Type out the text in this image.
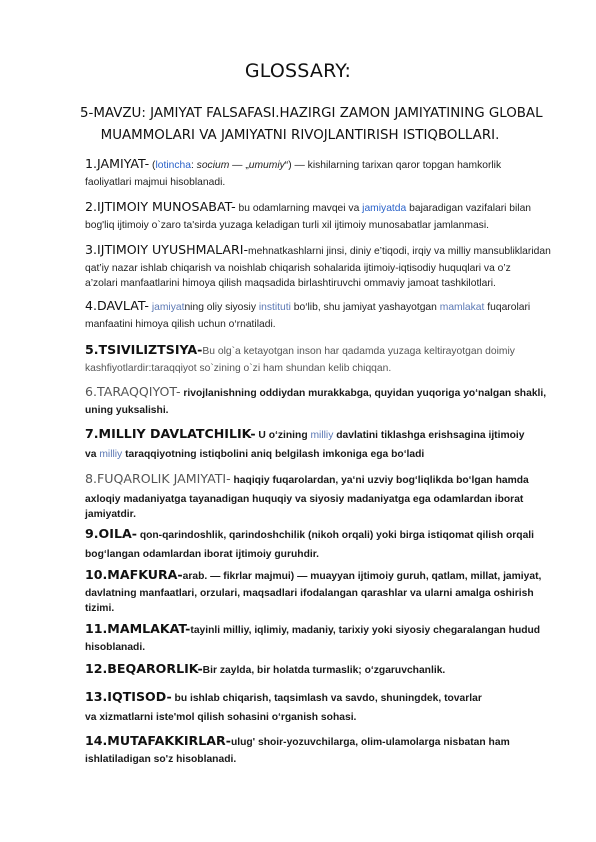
GLOSSARY:
5-MAVZU: JAMIYAT FALSAFASI.HAZIRGI ZAMON JAMIYATINING GLOBAL
MUAMMOLARI VA JAMIYATNI RIVOJLANTIRISH ISTIQBOLLARI.
1.JAMIYAT- (lotincha: socium — „umumiy“) — kishilarning tarixan qaror topgan hamkorlik
faoliyatlari majmui hisoblanadi.
2.IJTIMOIY MUNOSABAT- bu odamlarning mavqei va jamiyatda bajaradigan vazifalari bilan
bog'liq ijtimoiy o`zaro ta'sirda yuzaga keladigan turli xil ijtimoiy munosabatlar jamlanmasi.
3.IJTIMOIY UYUSHMALARI-mehnatkashlarni jinsi, diniy e’tiqodi, irqiy va milliy mansubliklaridan
qat’iy nazar ishlab chiqarish va noishlab chiqarish sohalarida ijtimoiy-iqtisodiy huquqlari va o’z
a’zolari manfaatlarini himoya qilish maqsadida birlashtiruvchi ommaviy jamoat tashkilotlari.
4.DAVLAT- jamiyatning oliy siyosiy instituti bo‘lib, shu jamiyat yashayotgan mamlakat fuqarolari
manfaatini himoya qilish uchun o‘rnatiladi.
5.TSIVILIZTSIYA-Bu olg`a ketayotgan inson har qadamda yuzaga keltirayotgan doimiy
kashfiyotlardir:taraqqiyot so`zining o`zi ham shundan kelib chiqqan.
6.TARAQQIYOT- rivojlanishning oddiydan murakkabga, quyidan yuqoriga yo‘nalgan shakli,
uning yuksalishi.
7.MILLIY DAVLATCHILIK- U o‘zining milliy davlatini tiklashga erishsagina ijtimoiy
va milliy taraqqiyotning istiqbolini aniq belgilash imkoniga ega bo‘ladi
8.FUQAROLIK JAMIYATI- haqiqiy fuqarolardan, ya‘ni uzviy bog‘liqlikda bo‘lgan hamda
axloqiy madaniyatga tayanadigan huquqiy va siyosiy madaniyatga ega odamlardan iborat
jamiyatdir.
9.OILA- qon-qarindoshlik, qarindoshchilik (nikoh orqali) yoki birga istiqomat qilish orqali
bog‘langan odamlardan iborat ijtimoiy guruhdir.
10.MAFKURA-arab. — fikrlar majmui) — muayyan ijtimoiy guruh, qatlam, millat, jamiyat,
davlatning manfaatlari, orzulari, maqsadlari ifodalangan qarashlar va ularni amalga oshirish
tizimi.
11.MAMLAKAT-tayinli milliy, iqlimiy, madaniy, tarixiy yoki siyosiy chegaralangan hudud
hisoblanadi.
12.BEQARORLIK-Bir zaylda, bir holatda turmaslik; o‘zgaruvchanlik.
13.IQTISOD- bu ishlab chiqarish, taqsimlash va savdo, shuningdek, tovarlar
va xizmatlarni iste'mol qilish sohasini o‘rganish sohasi.
14.MUTAFAKKIRLAR-ulug' shoir-yozuvchilarga, olim-ulamolarga nisbatan ham
ishlatiladigan so'z hisoblanadi.
